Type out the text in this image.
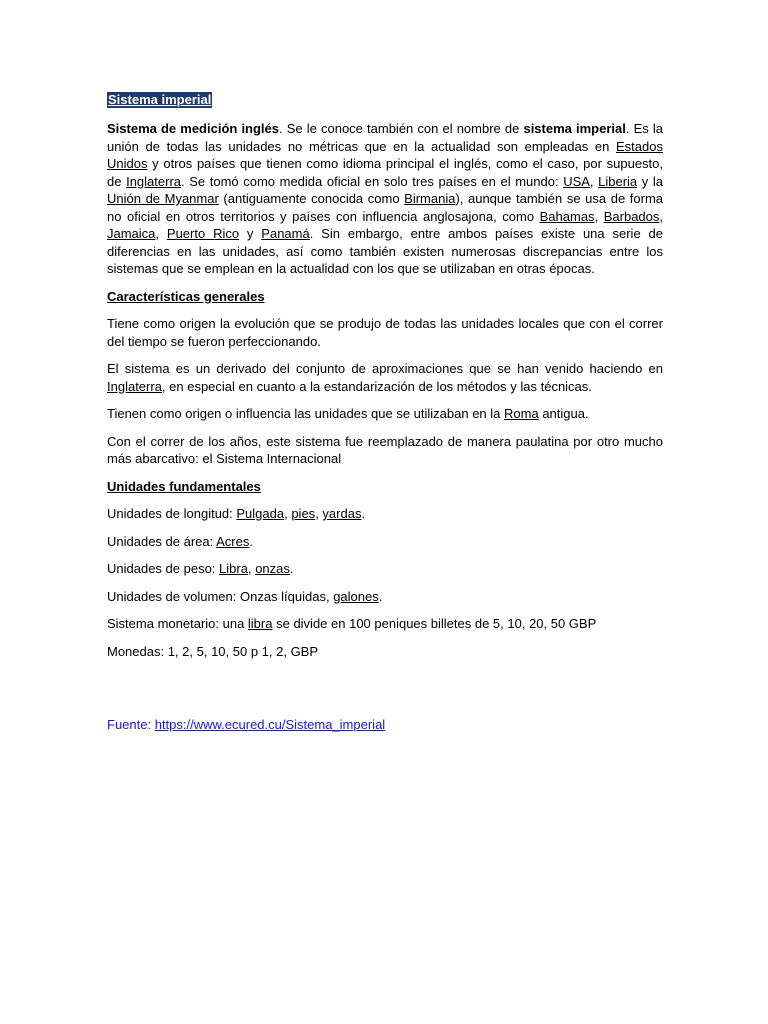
Sistema imperial

Sistema de medición inglés. Se le conoce también con el nombre de sistema imperial. Es la unión de todas las unidades no métricas que en la actualidad son empleadas en Estados Unidos y otros países que tienen como idioma principal el inglés, como el caso, por supuesto, de Inglaterra. Se tomó como medida oficial en solo tres países en el mundo: USA, Liberia y la Unión de Myanmar (antiguamente conocida como Birmania), aunque también se usa de forma no oficial en otros territorios y países con influencia anglosajona, como Bahamas, Barbados, Jamaica, Puerto Rico y Panamá. Sin embargo, entre ambos países existe una serie de diferencias en las unidades, así como también existen numerosas discrepancias entre los sistemas que se emplean en la actualidad con los que se utilizaban en otras épocas.

Características generales

Tiene como origen la evolución que se produjo de todas las unidades locales que con el correr del tiempo se fueron perfeccionando.

El sistema es un derivado del conjunto de aproximaciones que se han venido haciendo en Inglaterra, en especial en cuanto a la estandarización de los métodos y las técnicas.

Tienen como origen o influencia las unidades que se utilizaban en la Roma antigua.

Con el correr de los años, este sistema fue reemplazado de manera paulatina por otro mucho más abarcativo: el Sistema Internacional

Unidades fundamentales

Unidades de longitud: Pulgada, pies, yardas.

Unidades de área: Acres.

Unidades de peso: Libra, onzas.

Unidades de volumen: Onzas líquidas, galones.

Sistema monetario: una libra se divide en 100 peniques billetes de 5, 10, 20, 50 GBP

Monedas: 1, 2, 5, 10, 50 p 1, 2, GBP

Fuente: https://www.ecured.cu/Sistema_imperial
